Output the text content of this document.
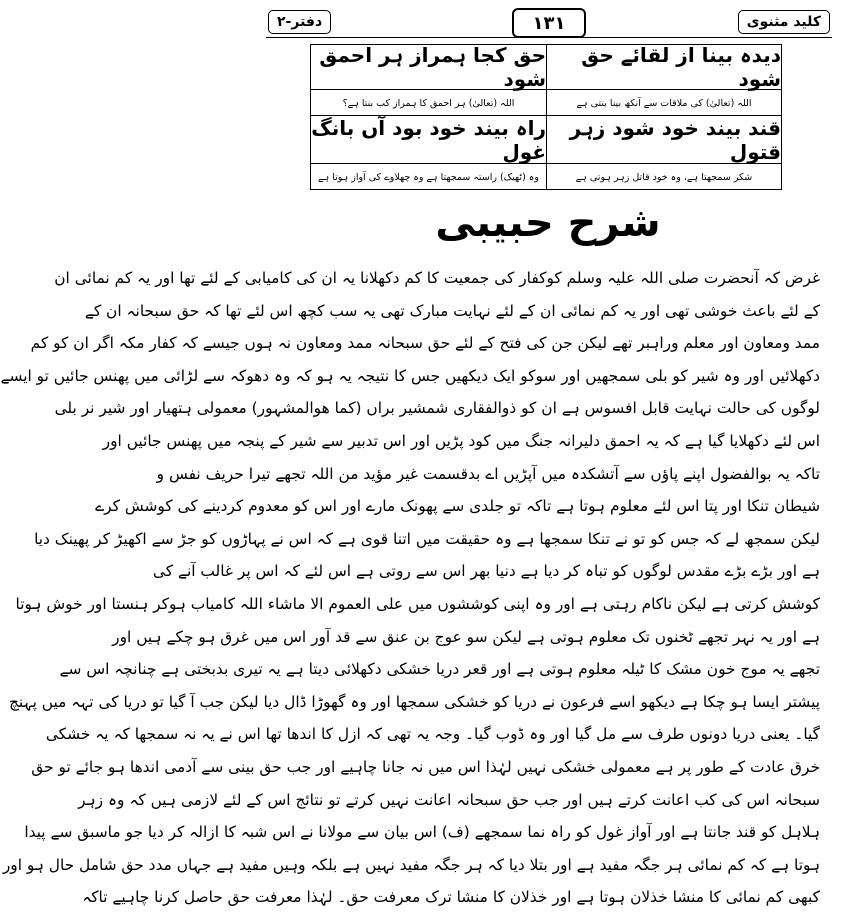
کلید مثنوی
۱۳۱
دفتر-۲
دیدہ بینا از لقائے حق شود
حق کجا ہمراز ہر احمق شود
اللہ (تعالیٰ) کی ملاقات سے آنکھ بینا بنتی ہے
اللہ (تعالیٰ) ہر احمق کا ہمراز کب بنتا ہے؟
قند بیند خود شود زہر قتول
راہ بیند خود بود آں بانگ غول
شکر سمجھتا ہے، وہ خود قاتل زہر ہوتی ہے
وہ (ٹھیک) راستہ سمجھتا ہے وہ چھلاوے کی آواز ہوتا ہے
شرح حبیبی
غرض کہ آنحضرت صلی اللہ علیہ وسلم کوکفار کی جمعیت کا کم دکھلانا یہ ان کی کامیابی کے لئے تھا اور یہ کم نمائی ان
کے لئے باعث خوشی تھی اور یہ کم نمائی ان کے لئے نہایت مبارک تھی یہ سب کچھ اس لئے تھا کہ حق سبحانہ ان کے
ممد ومعاون اور معلم وراہبر تھے لیکن جن کی فتح کے لئے حق سبحانہ ممد ومعاون نہ ہوں جیسے کہ کفار مکہ اگر ان کو کم
دکھلائیں اور وہ شیر کو بلی سمجھیں اور سوکو ایک دیکھیں جس کا نتیجہ یہ ہو کہ وہ دھوکہ سے لڑائی میں پھنس جائیں تو ایسے
لوگوں کی حالت نہایت قابل افسوس ہے ان کو ذوالفقاری شمشیر براں (کما ھوالمشہور) معمولی ہتھیار اور شیر نر بلی
اس لئے دکھلایا گیا ہے کہ یہ احمق دلیرانہ جنگ میں کود پڑیں اور اس تدبیر سے شیر کے پنجہ میں پھنس جائیں اور
تاکہ یہ بوالفضول اپنے پاؤں سے آتشکدہ میں آپڑیں اے بدقسمت غیر مؤید من اللہ تجھے تیرا حریف نفس و
شیطان تنکا اور پتا اس لئے معلوم ہوتا ہے تاکہ تو جلدی سے پھونک مارے اور اس کو معدوم کردینے کی کوشش کرے
لیکن سمجھ لے کہ جس کو تو نے تنکا سمجھا ہے وہ حقیقت میں اتنا قوی ہے کہ اس نے پہاڑوں کو جڑ سے اکھیڑ کر پھینک دیا
ہے اور بڑے بڑے مقدس لوگوں کو تباہ کر دیا ہے دنیا بھر اس سے روتی ہے اس لئے کہ اس پر غالب آنے کی
کوشش کرتی ہے لیکن ناکام رہتی ہے اور وہ اپنی کوششوں میں علی العموم الا ماشاء اللہ کامیاب ہوکر ہنستا اور خوش ہوتا
ہے اور یہ نہر تجھے ٹخنوں تک معلوم ہوتی ہے لیکن سو عوج بن عنق سے قد آور اس میں غرق ہو چکے ہیں اور
تجھے یہ موج خون مشک کا ٹیلہ معلوم ہوتی ہے اور قعر دریا خشکی دکھلائی دیتا ہے یہ تیری بدبختی ہے چنانچہ اس سے
پیشتر ایسا ہو چکا ہے دیکھو اسے فرعون نے دریا کو خشکی سمجھا اور وہ گھوڑا ڈال دیا لیکن جب آ گیا تو دریا کی تہہ میں پہنچ
گیا۔ یعنی دریا دونوں طرف سے مل گیا اور وہ ڈوب گیا۔ وجہ یہ تھی کہ ازل کا اندھا تھا اس نے یہ نہ سمجھا کہ یہ خشکی
خرق عادت کے طور پر ہے معمولی خشکی نہیں لہٰذا اس میں نہ جانا چاہیے اور جب حق بینی سے آدمی اندھا ہو جائے تو حق
سبحانہ اس کی کب اعانت کرتے ہیں اور جب حق سبحانہ اعانت نہیں کرتے تو نتائج اس کے لئے لازمی ہیں کہ وہ زہر
ہلاہل کو قند جانتا ہے اور آواز غول کو راہ نما سمجھے (ف) اس بیان سے مولانا نے اس شبہ کا ازالہ کر دیا جو ماسبق سے پیدا
ہوتا ہے کہ کم نمائی ہر جگہ مفید ہے اور بتلا دیا کہ ہر جگہ مفید نہیں ہے بلکہ وہیں مفید ہے جہاں مدد حق شامل حال ہو اور
کبھی کم نمائی کا منشا خذلان ہوتا ہے اور خذلان کا منشا ترک معرفت حق۔ لہٰذا معرفت حق حاصل کرنا چاہیے تاکہ
